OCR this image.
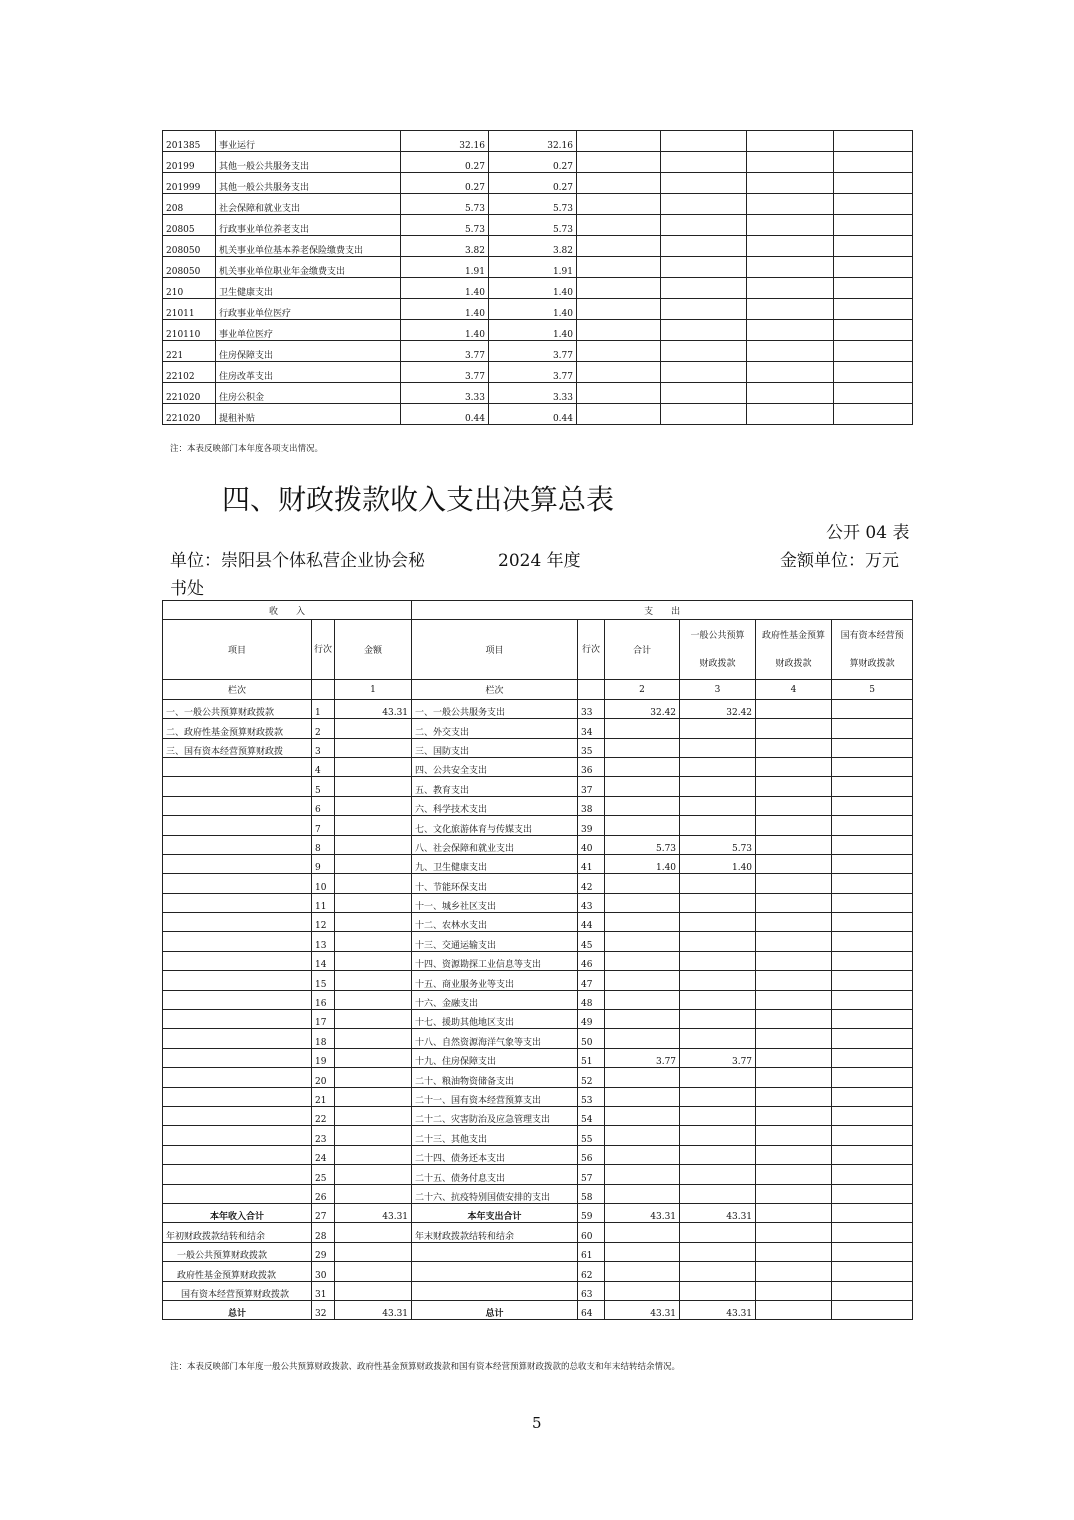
201385	事业运行	32.16	32.16				
20199	其他一般公共服务支出	0.27	0.27				
201999	其他一般公共服务支出	0.27	0.27				
208	社会保障和就业支出	5.73	5.73				
20805	行政事业单位养老支出	5.73	5.73				
208050	机关事业单位基本养老保险缴费支出	3.82	3.82				
208050	机关事业单位职业年金缴费支出	1.91	1.91				
210	卫生健康支出	1.40	1.40				
21011	行政事业单位医疗	1.40	1.40				
210110	事业单位医疗	1.40	1.40				
221	住房保障支出	3.77	3.77				
22102	住房改革支出	3.77	3.77				
221020	住房公积金	3.33	3.33				
221020	提租补贴	0.44	0.44				
注：本表反映部门本年度各项支出情况。
四、财政拨款收入支出决算总表
公开 04 表
单位：崇阳县个体私营企业协会秘
书处
2024 年度	金额单位：万元
收　　入			支　　出					
项目	行次	金额	项目	行次	合计	一般公共预算财政拨款	政府性基金预算财政拨款	国有资本经营预算财政拨款
栏次		1	栏次		2	3	4	5
一、一般公共预算财政拨款	1	43.31	一、一般公共服务支出	33	32.42	32.42		
二、政府性基金预算财政拨款	2		二、外交支出	34				
三、国有资本经营预算财政拨	3		三、国防支出	35				
	4		四、公共安全支出	36				
	5		五、教育支出	37				
	6		六、科学技术支出	38				
	7		七、文化旅游体育与传媒支出	39				
	8		八、社会保障和就业支出	40	5.73	5.73		
	9		九、卫生健康支出	41	1.40	1.40		
	10		十、节能环保支出	42				
	11		十一、城乡社区支出	43				
	12		十二、农林水支出	44				
	13		十三、交通运输支出	45				
	14		十四、资源勘探工业信息等支出	46				
	15		十五、商业服务业等支出	47				
	16		十六、金融支出	48				
	17		十七、援助其他地区支出	49				
	18		十八、自然资源海洋气象等支出	50				
	19		十九、住房保障支出	51	3.77	3.77		
	20		二十、粮油物资储备支出	52				
	21		二十一、国有资本经营预算支出	53				
	22		二十二、灾害防治及应急管理支出	54				
	23		二十三、其他支出	55				
	24		二十四、债务还本支出	56				
	25		二十五、债务付息支出	57				
	26		二十六、抗疫特别国债安排的支出	58				
本年收入合计	27	43.31	本年支出合计	59	43.31	43.31		
年初财政拨款结转和结余	28		年末财政拨款结转和结余	60				
一般公共预算财政拨款	29			61				
政府性基金预算财政拨款	30			62				
国有资本经营预算财政拨款	31			63				
总计	32	43.31	总计	64	43.31	43.31		
注：本表反映部门本年度一般公共预算财政拨款、政府性基金预算财政拨款和国有资本经营预算财政拨款的总收支和年末结转结余情况。
5
